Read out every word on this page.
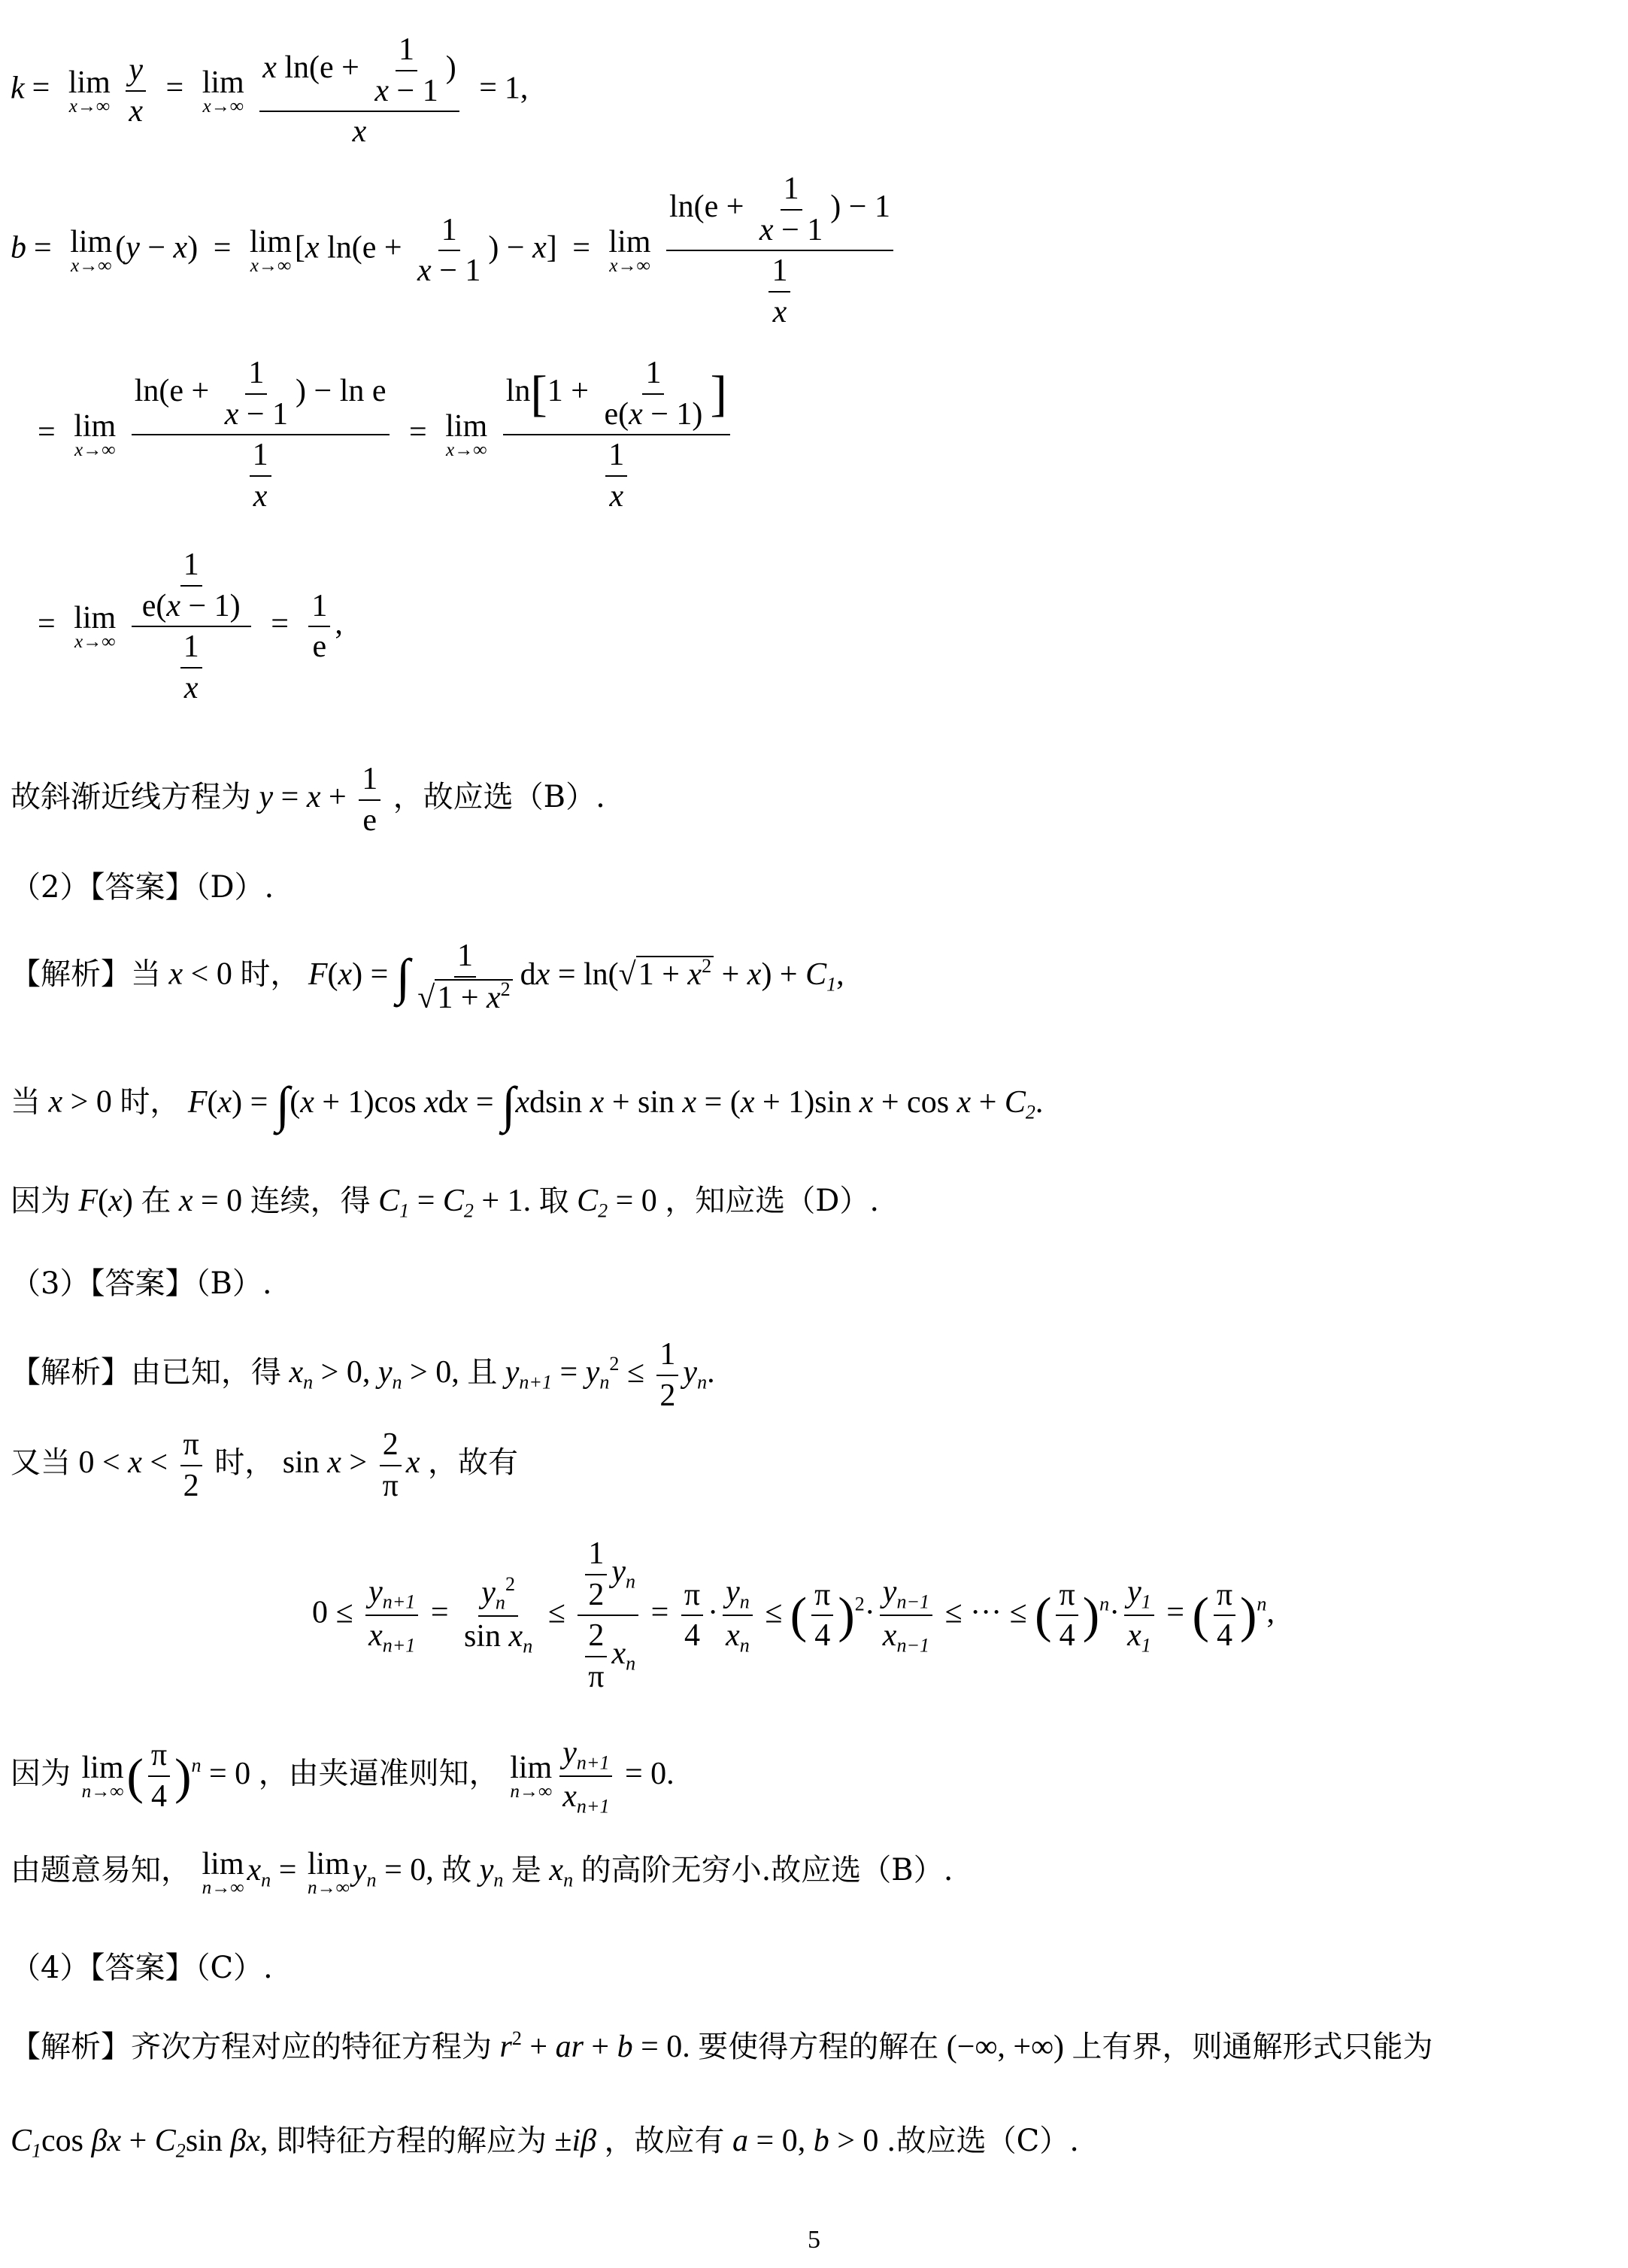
k = lim
x→∞
$\frac{y}{x} = \lim$
x→∞
$\frac{x \ln(e + \frac{1}{x - 1} )}{x} = 1$,
b = lim
x→∞
(y − x) = lim
x→∞
[x $\ln(e + \frac{1}{x - 1}$ ) − x] = lim
x→∞
$\frac{\ln(e + \frac{1}{x - 1} ) - 1}{\frac{1}{x}}$
= lim
x→∞
$\frac{\ln(e + \frac{1}{x - 1} ) - \ln e}{\frac{1}{x}} = \lim$
x→∞
$\frac{\ln[1 + \frac{1}{e(x - 1)} ]}{\frac{1}{x}}$
= lim
x→∞
$\frac{\frac{1}{e(x - 1)}}{\frac{1}{x}} = \frac{1}{e}$ ,
故斜渐近线方程为 $y = x + \frac{1}{e}$ ，故应选（B）.
（2）【答案】（D）.
【解析】当 x < 0 时， F(x) = ∫ $\frac{1}{√1 + x^2}$ dx = $\ln(√1 + x^2 + x) + C_1$,
当 x > 0 时， F(x) = ∫(x + 1)cos xdx = ∫xdsin x + sin x = (x + 1)sin $x + \cos x + C_2$.
因为 F(x) 在 x = 0 连续，得 $C_1 = C_2 + 1$. 取 $C_2 = 0$ ，知应选（D）.
（3）【答案】（B）.
【解析】由已知，得 $x_n > 0$, $y_n > 0$, 且 $y_{n+1} = y_n^2 \le \frac{1}{2} y_n$.
又当 $0 < x < \frac{\pi}{2}$ 时， $\sin x > \frac{2}{\pi}$ x ，故有
$0 \le \frac{y_{n+1}}{x_{n+1}} = \frac{y_n^2}{\sin x_n} \le \frac{\frac{1}{2} y_n}{\frac{2}{\pi} x_n} = \frac{\pi}{4} \cdot \frac{y_n}{x_n}$ ≤ ( $\frac{\pi}{4} )^2\cdot \frac{y_{n-1}}{x_{n-1}}$ ≤ ··· ≤ ( $\frac{\pi}{4} )^n\cdot \frac{y_1}{x_1}$ = ( $\frac{\pi}{4} )^n$,
因为 lim
n→∞ ( $\frac{\pi}{4} )^n = 0$ ，由夹逼准则知， lim
$n\to\infty \frac{y_{n+1}}{x_{n+1}} = 0$.
由题意易知， lim
n→∞
$x_n = \lim$
n→∞
$y_n = 0$, 故 $y_n$ 是 $x_n$ 的高阶无穷小.故应选（B）.
（4）【答案】（C）.
【解析】齐次方程对应的特征方程为 $r^2$ + ar + b = 0. 要使得方程的解在 (−∞, +∞) 上有界，则通解形式只能为
$C_1\cos$ $\beta x + C_2\sin$ βx, 即特征方程的解应为 ±iβ ，故应有 a = 0, b > 0 .故应选（C）.
5
